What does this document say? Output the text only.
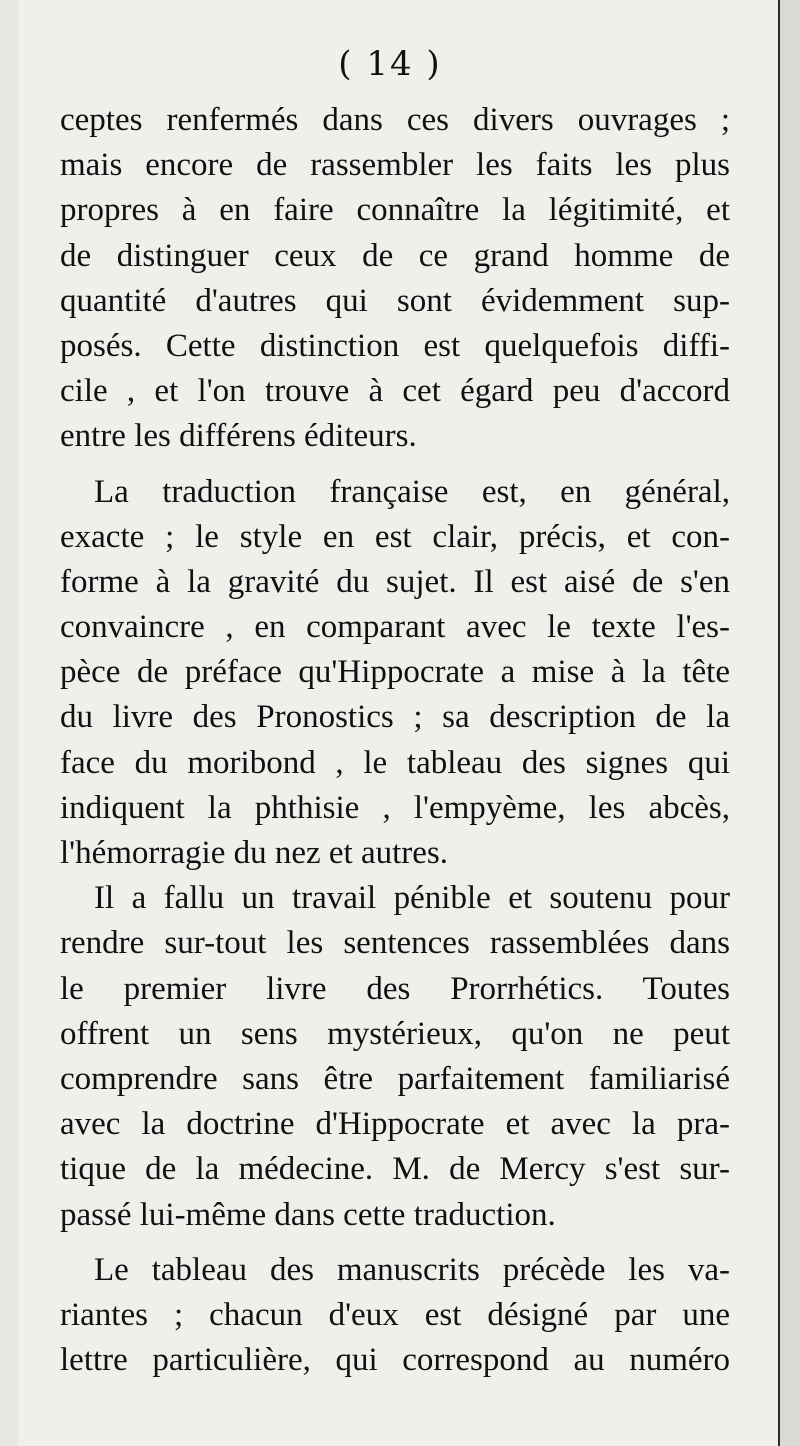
( 14 )
ceptes renfermés dans ces divers ouvrages ;
mais encore de rassembler les faits les plus
propres à en faire connaître la légitimité, et
de distinguer ceux de ce grand homme de
quantité d'autres qui sont évidemment sup-
posés. Cette distinction est quelquefois diffi-
cile , et l'on trouve à cet égard peu d'accord
entre les différens éditeurs.
La traduction française est, en général,
exacte ; le style en est clair, précis, et con-
forme à la gravité du sujet. Il est aisé de s'en
convaincre , en comparant avec le texte l'es-
pèce de préface qu'Hippocrate a mise à la tête
du livre des Pronostics ; sa description de la
face du moribond , le tableau des signes qui
indiquent la phthisie , l'empyème, les abcès,
l'hémorragie du nez et autres.
Il a fallu un travail pénible et soutenu pour
rendre sur-tout les sentences rassemblées dans
le premier livre des Prorrhétics. Toutes
offrent un sens mystérieux, qu'on ne peut
comprendre sans être parfaitement familiarisé
avec la doctrine d'Hippocrate et avec la pra-
tique de la médecine. M. de Mercy s'est sur-
passé lui-même dans cette traduction.
Le tableau des manuscrits précède les va-
riantes ; chacun d'eux est désigné par une
lettre particulière, qui correspond au numéro
